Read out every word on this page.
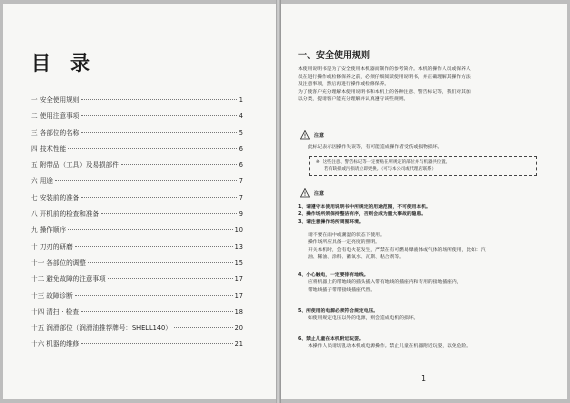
目 录
一 安全使用规则	1
二 使用注意事项	4
三 各部位的名称	5
四 技术性能	6
五 附带品（工具）及易损部件	6
六 用途	7
七 安装前的准备	7
八 开机前的检查和准备	9
九 操作顺序	10
十 刀刃的研磨	13
十一 各部位的调整	15
十二 避免故障的注意事项	17
十三 故障诊断	17
十四 清扫 · 检查	18
十五 润滑部位（润滑油推荐牌号：SHELL140）	20
十六 机器的维修	21
一、安全使用规则
本使用说明书是为了安全使用本机器而制作的参考简介。本机的操作人员或保养人
员在进行操作或检修保养之前，必须仔细阅读使用说明书，并正确理解其操作方法
及注意事项，然后再进行操作或检修保养。
为了使客户充分理解本使用说明书和本机上的各种注意、警告标记等，我们对其加
以分类，提请客户能充分理解并认真遵守该些规则。
注意
此标记表示因操作失误等，有可能造成操作者受伤或损物损坏。
※ 这些注意、警告标记等一定要贴在所规定的部位并与机器共位置。
若有缺损或污损请立即更换。（可与本公司或代理店联系）
注意
1、请遵守本使用说明书中所规定的用途范围，不可使用本机。
2、操作场所须保持整洁有序，否则会成为重大事故的隐患。
3、请注意操作场所周围环境。
请不要在雨中或潮湿的状态下使用。
操作场所应具备一定亮度的照明。
开关本机时，会有电火花发生，严禁在有可燃易爆液体或气体的场所使用，比如：汽
油、稀油、涂料、蓄氧水、瓦斯、粘合剂等。
4、小心触电，一定要排有地线。
应将机器上的带地线的插头插入带有地线的插座内和专用的接地插座内，
带地线插子带带接线插座代替。
5、所使用的电源必须符合规定电压。
如使用规定电压以外的电源，则会造成电机的损坏。
6、禁止儿童在本机附近玩耍。
本操作人员请切乱动本机或电源操作。禁止儿童在机器附近玩耍，以免危险。
1
